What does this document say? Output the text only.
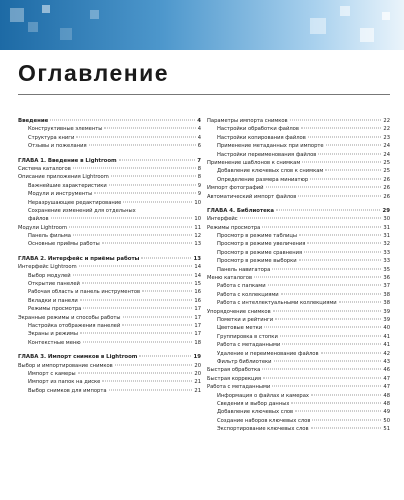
Оглавление
Введение	4
Конструктивные элементы	4
Структура книги	4
Отзывы и пожелания	6
ГЛАВА 1. Введение в Lightroom	7
Система каталогов	8
Описание приложения Lightroom	8
Важнейшие характеристики	9
Модули и инструменты	9
Неразрушающее редактирование	10
Сохранение изменений для отдельных
файлов	10
Модули Lightroom	11
Панель фильма	12
Основные приёмы работы	13
ГЛАВА 2. Интерфейс и приёмы работы	13
Интерфейс Lightroom	14
Выбор модулей	14
Открытие панелей	15
Рабочая область и панель инструментов	16
Вкладки и панели	16
Режимы просмотра	17
Экранные режимы и способы работы	17
Настройка отображения панелей	17
Экраны и режимы	17
Контекстные меню	18
ГЛАВА 3. Импорт снимков в Lightroom	19
Выбор и импортирование снимков	20
Импорт с камеры	20
Импорт из папок на диске	21
Выбор снимков для импорта	21
Параметры импорта снимков	22
Настройки обработки файлов	22
Настройки копирования файлов	23
Применение метаданных при импорте	24
Настройки переименования файлов	24
Применение шаблонов к снимкам	25
Добавление ключевых слов к снимкам	25
Определение размера миниатюр	26
Импорт фотографий	26
Автоматический импорт файлов	26
ГЛАВА 4. Библиотека	29
Интерфейс	30
Режимы просмотра	31
Просмотр в режиме таблицы	31
Просмотр в режиме увеличения	32
Просмотр в режиме сравнения	33
Просмотр в режиме выборки	33
Панель навигатора	35
Меню каталогов	36
Работа с папками	37
Работа с коллекциями	38
Работа с интеллектуальными коллекциями	38
Упорядочение снимков	39
Пометки и рейтинги	39
Цветовые метки	40
Группировка в стопки	41
Работа с метаданными	41
Удаление и переименование файлов	42
Фильтр библиотеки	43
Быстрая обработка	46
Быстрая коррекция	47
Работа с метаданными	47
Информация о файлах и камерах	48
Сведения и выбор данных	48
Добавление ключевых слов	49
Создание наборов ключевых слов	50
Экспортирование ключевых слов	51
